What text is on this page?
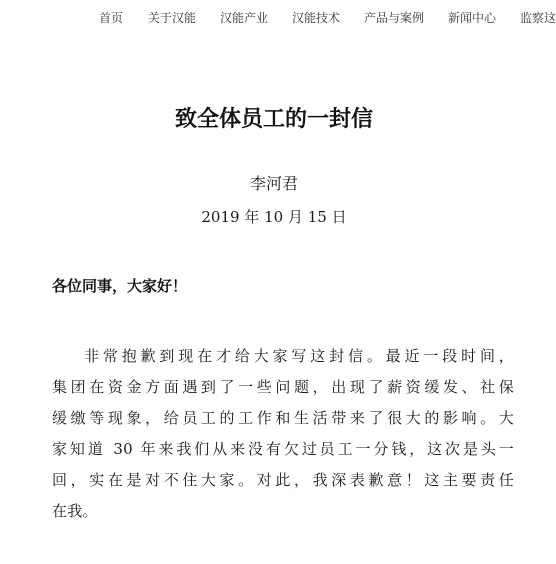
首页 关于汉能 汉能产业 汉能技术 产品与案例 新闻中心 监察这
致全体员工的一封信
李河君
2019 年 10 月 15 日
各位同事，大家好！

非常抱歉到现在才给大家写这封信。最近一段时间，
集团在资金方面遇到了一些问题，出现了薪资缓发、社保
缓缴等现象，给员工的工作和生活带来了很大的影响。大
家知道 30 年来我们从来没有欠过员工一分钱，这次是头一
回，实在是对不住大家。对此，我深表歉意！这主要责任
在我。
